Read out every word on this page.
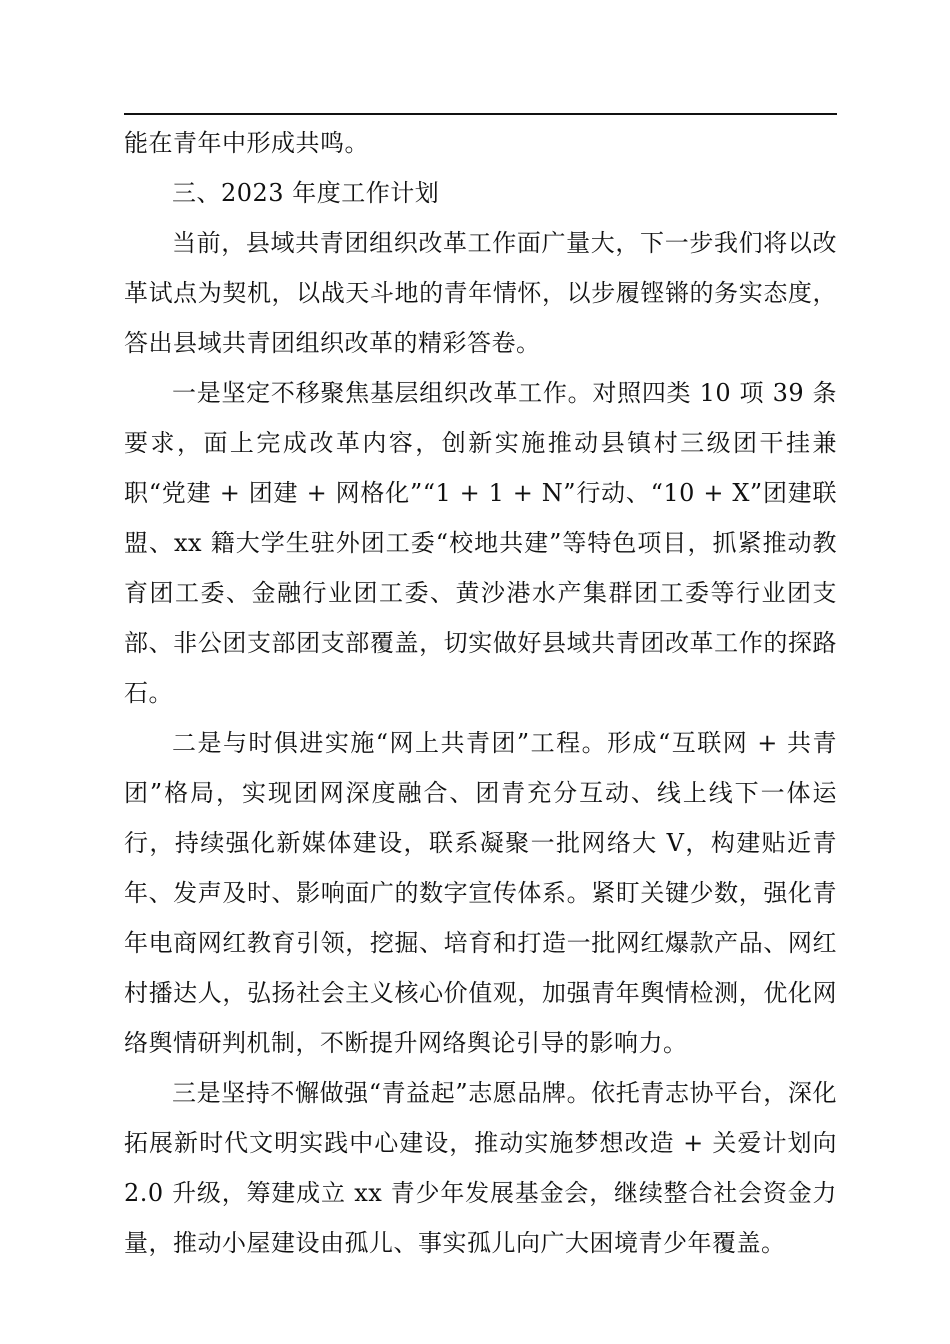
能在青年中形成共鸣。

三、2023 年度工作计划

当前，县域共青团组织改革工作面广量大，下一步我们将以改革试点为契机，以战天斗地的青年情怀，以步履铿锵的务实态度，答出县域共青团组织改革的精彩答卷。

一是坚定不移聚焦基层组织改革工作。对照四类 10 项 39 条要求，面上完成改革内容，创新实施推动县镇村三级团干挂兼职“党建 + 团建 + 网格化”“1 + 1 + N”行动、“10 + X”团建联盟、xx 籍大学生驻外团工委“校地共建”等特色项目，抓紧推动教育团工委、金融行业团工委、黄沙港水产集群团工委等行业团支部、非公团支部团支部覆盖，切实做好县域共青团改革工作的探路石。

二是与时俱进实施“网上共青团”工程。形成“互联网 + 共青团”格局，实现团网深度融合、团青充分互动、线上线下一体运行，持续强化新媒体建设，联系凝聚一批网络大 V，构建贴近青年、发声及时、影响面广的数字宣传体系。紧盯关键少数，强化青年电商网红教育引领，挖掘、培育和打造一批网红爆款产品、网红村播达人，弘扬社会主义核心价值观，加强青年舆情检测，优化网络舆情研判机制，不断提升网络舆论引导的影响力。

三是坚持不懈做强“青益起”志愿品牌。依托青志协平台，深化拓展新时代文明实践中心建设，推动实施梦想改造 + 关爱计划向 2.0 升级，筹建成立 xx 青少年发展基金会，继续整合社会资金力量，推动小屋建设由孤儿、事实孤儿向广大困境青少年覆盖。
